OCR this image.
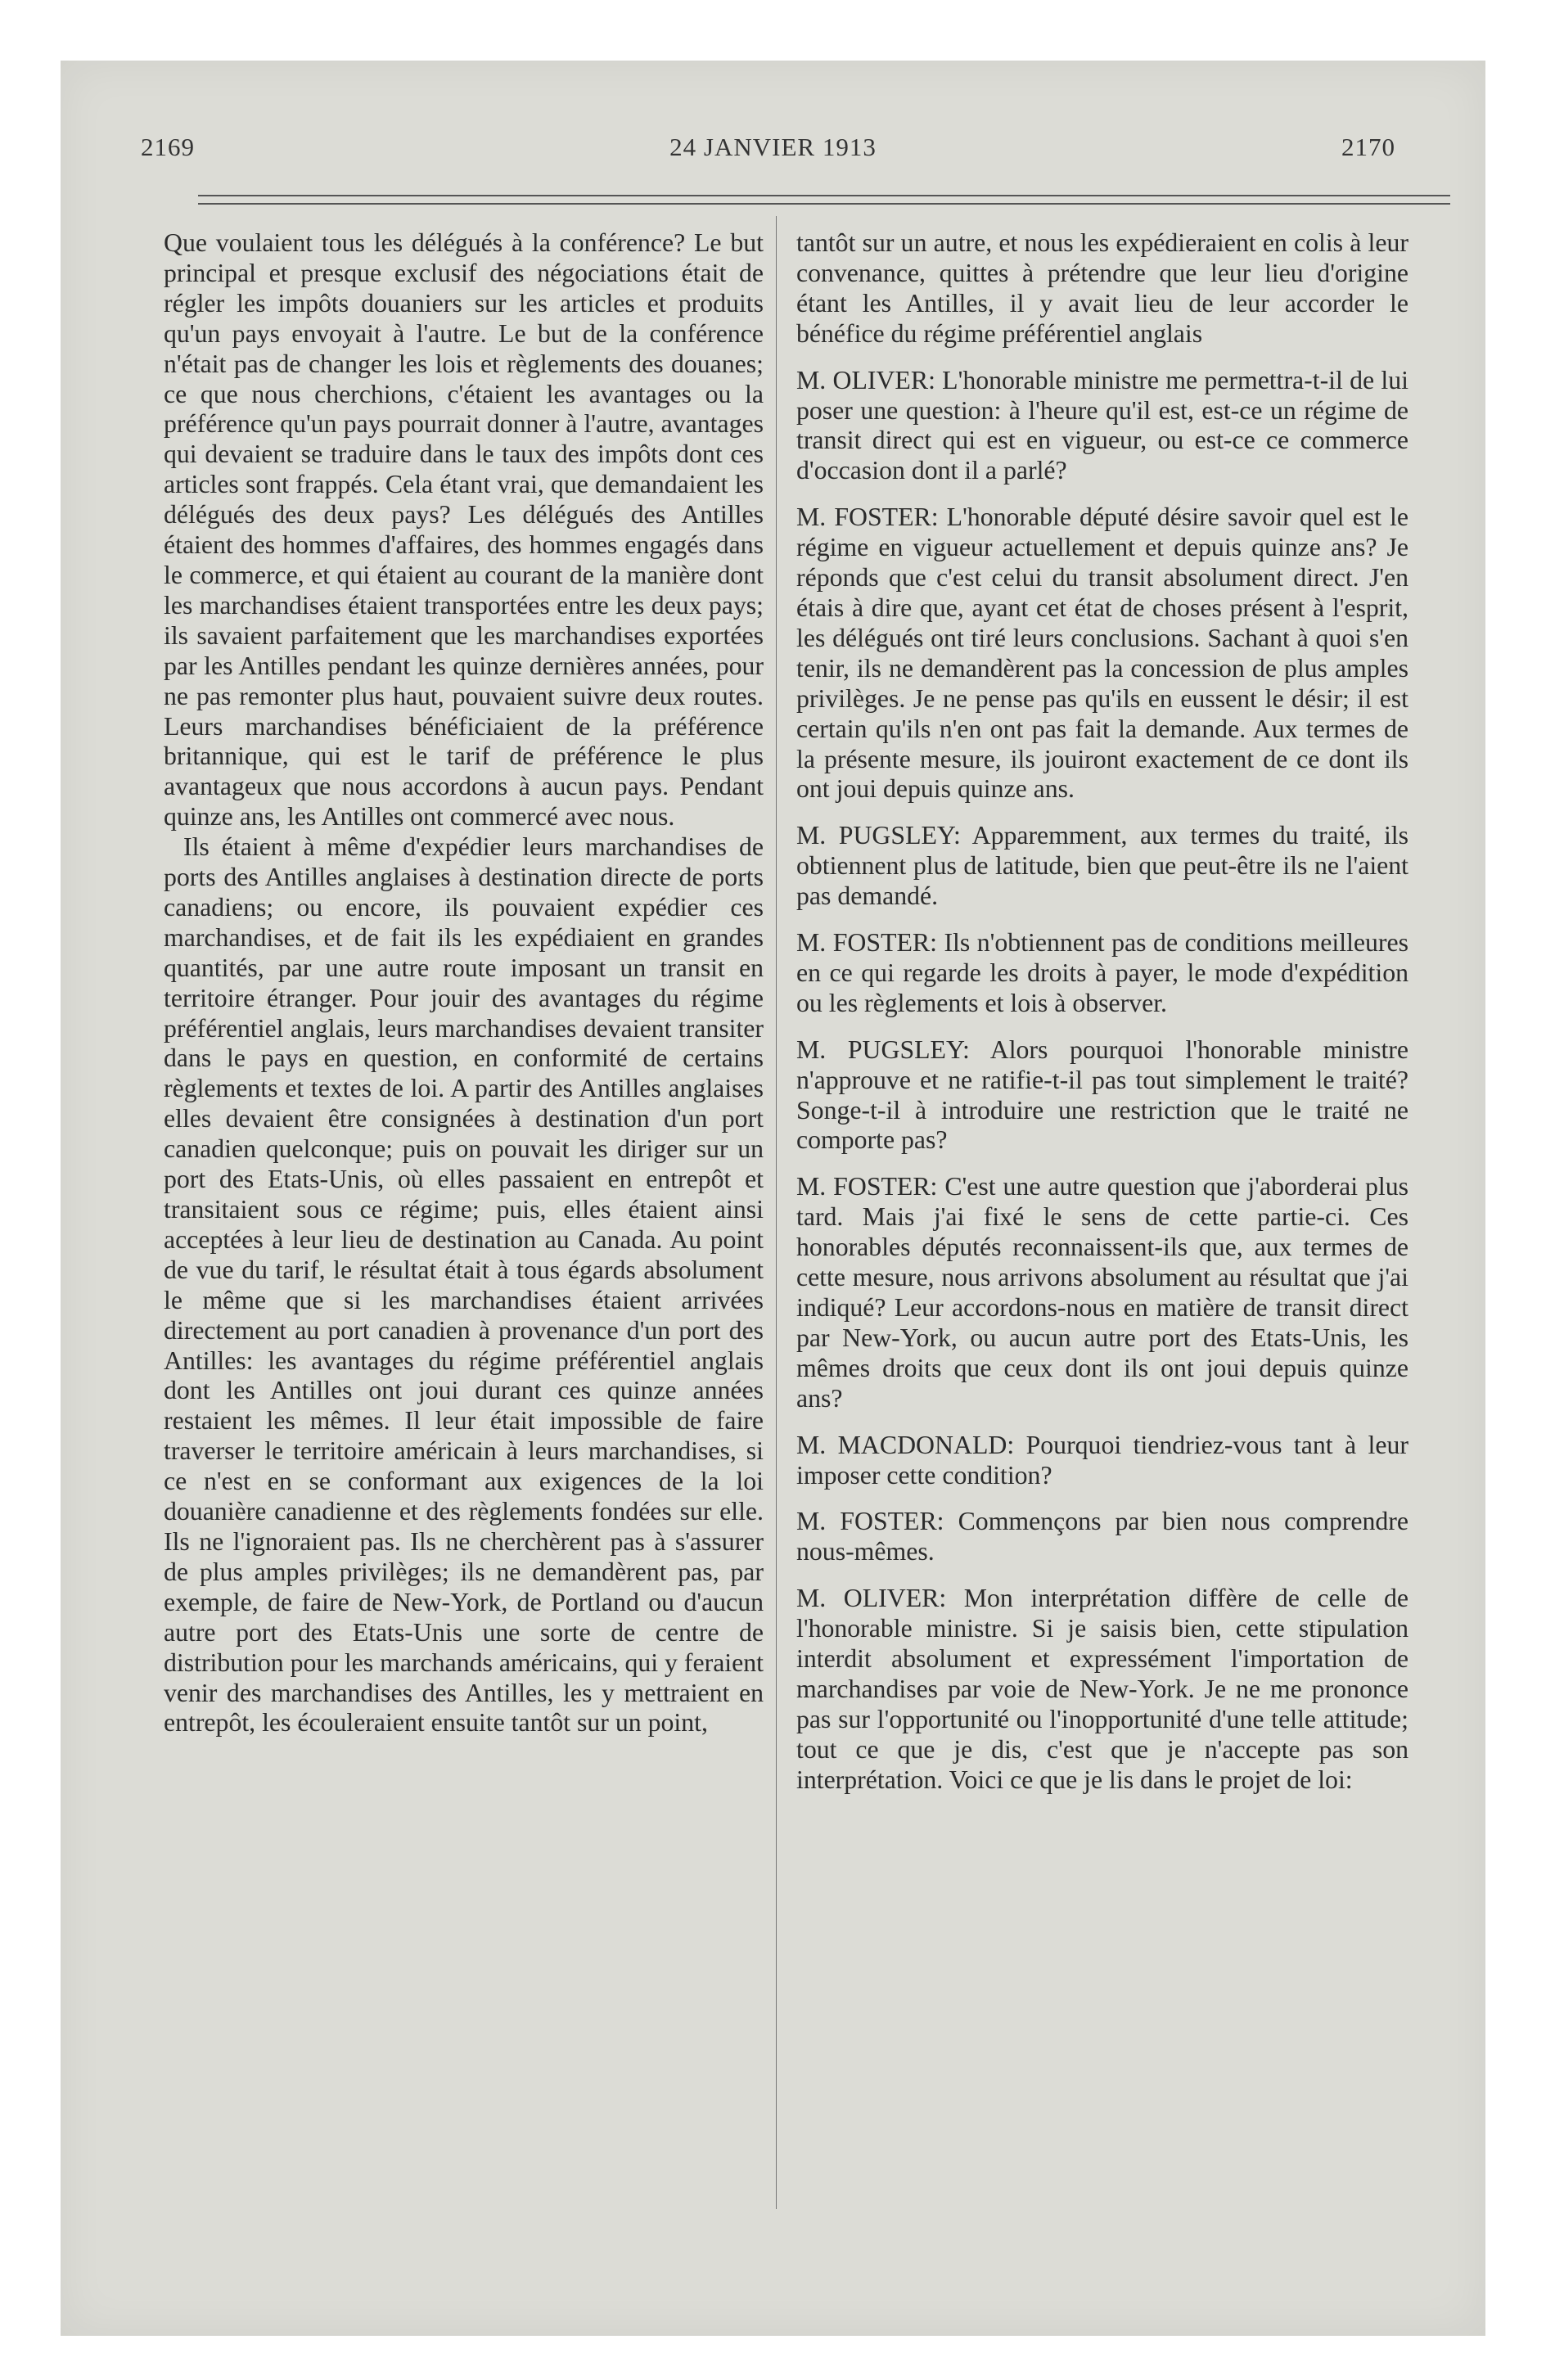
2169	24 JANVIER 1913	2170

Que voulaient tous les délégués à la conférence? Le but principal et presque exclusif des négociations était de régler les impôts douaniers sur les articles et produits qu'un pays envoyait à l'autre. Le but de la conférence n'était pas de changer les lois et règlements des douanes; ce que nous cherchions, c'étaient les avantages ou la préférence qu'un pays pourrait donner à l'autre, avantages qui devaient se traduire dans le taux des impôts dont ces articles sont frappés. Cela étant vrai, que demandaient les délégués des deux pays? Les délégués des Antilles étaient des hommes d'affaires, des hommes engagés dans le commerce, et qui étaient au courant de la manière dont les marchandises étaient transportées entre les deux pays; ils savaient parfaitement que les marchandises exportées par les Antilles pendant les quinze dernières années, pour ne pas remonter plus haut, pouvaient suivre deux routes. Leurs marchandises bénéficiaient de la préférence britannique, qui est le tarif de préférence le plus avantageux que nous accordons à aucun pays. Pendant quinze ans, les Antilles ont commercé avec nous.

Ils étaient à même d'expédier leurs marchandises de ports des Antilles anglaises à destination directe de ports canadiens; ou encore, ils pouvaient expédier ces marchandises, et de fait ils les expédiaient en grandes quantités, par une autre route imposant un transit en territoire étranger. Pour jouir des avantages du régime préférentiel anglais, leurs marchandises devaient transiter dans le pays en question, en conformité de certains règlements et textes de loi. A partir des Antilles anglaises elles devaient être consignées à destination d'un port canadien quelconque; puis on pouvait les diriger sur un port des Etats-Unis, où elles passaient en entrepôt et transitaient sous ce régime; puis, elles étaient ainsi acceptées à leur lieu de destination au Canada. Au point de vue du tarif, le résultat était à tous égards absolument le même que si les marchandises étaient arrivées directement au port canadien à provenance d'un port des Antilles: les avantages du régime préférentiel anglais dont les Antilles ont joui durant ces quinze années restaient les mêmes. Il leur était impossible de faire traverser le territoire américain à leurs marchandises, si ce n'est en se conformant aux exigences de la loi douanière canadienne et des règlements fondées sur elle. Ils ne l'ignoraient pas. Ils ne cherchèrent pas à s'assurer de plus amples privilèges; ils ne demandèrent pas, par exemple, de faire de New-York, de Portland ou d'aucun autre port des Etats-Unis une sorte de centre de distribution pour les marchands américains, qui y feraient venir des marchandises des Antilles, les y mettraient en entrepôt, les écouleraient ensuite tantôt sur un point,

tantôt sur un autre, et nous les expédieraient en colis à leur convenance, quittes à prétendre que leur lieu d'origine étant les Antilles, il y avait lieu de leur accorder le bénéfice du régime préférentiel anglais

M. OLIVER: L'honorable ministre me permettra-t-il de lui poser une question: à l'heure qu'il est, est-ce un régime de transit direct qui est en vigueur, ou est-ce ce commerce d'occasion dont il a parlé?

M. FOSTER: L'honorable député désire savoir quel est le régime en vigueur actuellement et depuis quinze ans? Je réponds que c'est celui du transit absolument direct. J'en étais à dire que, ayant cet état de choses présent à l'esprit, les délégués ont tiré leurs conclusions. Sachant à quoi s'en tenir, ils ne demandèrent pas la concession de plus amples privilèges. Je ne pense pas qu'ils en eussent le désir; il est certain qu'ils n'en ont pas fait la demande. Aux termes de la présente mesure, ils jouiront exactement de ce dont ils ont joui depuis quinze ans.

M. PUGSLEY: Apparemment, aux termes du traité, ils obtiennent plus de latitude, bien que peut-être ils ne l'aient pas demandé.

M. FOSTER: Ils n'obtiennent pas de conditions meilleures en ce qui regarde les droits à payer, le mode d'expédition ou les règlements et lois à observer.

M. PUGSLEY: Alors pourquoi l'honorable ministre n'approuve et ne ratifie-t-il pas tout simplement le traité? Songe-t-il à introduire une restriction que le traité ne comporte pas?

M. FOSTER: C'est une autre question que j'aborderai plus tard. Mais j'ai fixé le sens de cette partie-ci. Ces honorables députés reconnaissent-ils que, aux termes de cette mesure, nous arrivons absolument au résultat que j'ai indiqué? Leur accordons-nous en matière de transit direct par New-York, ou aucun autre port des Etats-Unis, les mêmes droits que ceux dont ils ont joui depuis quinze ans?

M. MACDONALD: Pourquoi tiendriez-vous tant à leur imposer cette condition?

M. FOSTER: Commençons par bien nous comprendre nous-mêmes.

M. OLIVER: Mon interprétation diffère de celle de l'honorable ministre. Si je saisis bien, cette stipulation interdit absolument et expressément l'importation de marchandises par voie de New-York. Je ne me prononce pas sur l'opportunité ou l'inopportunité d'une telle attitude; tout ce que je dis, c'est que je n'accepte pas son interprétation. Voici ce que je lis dans le projet de loi:
